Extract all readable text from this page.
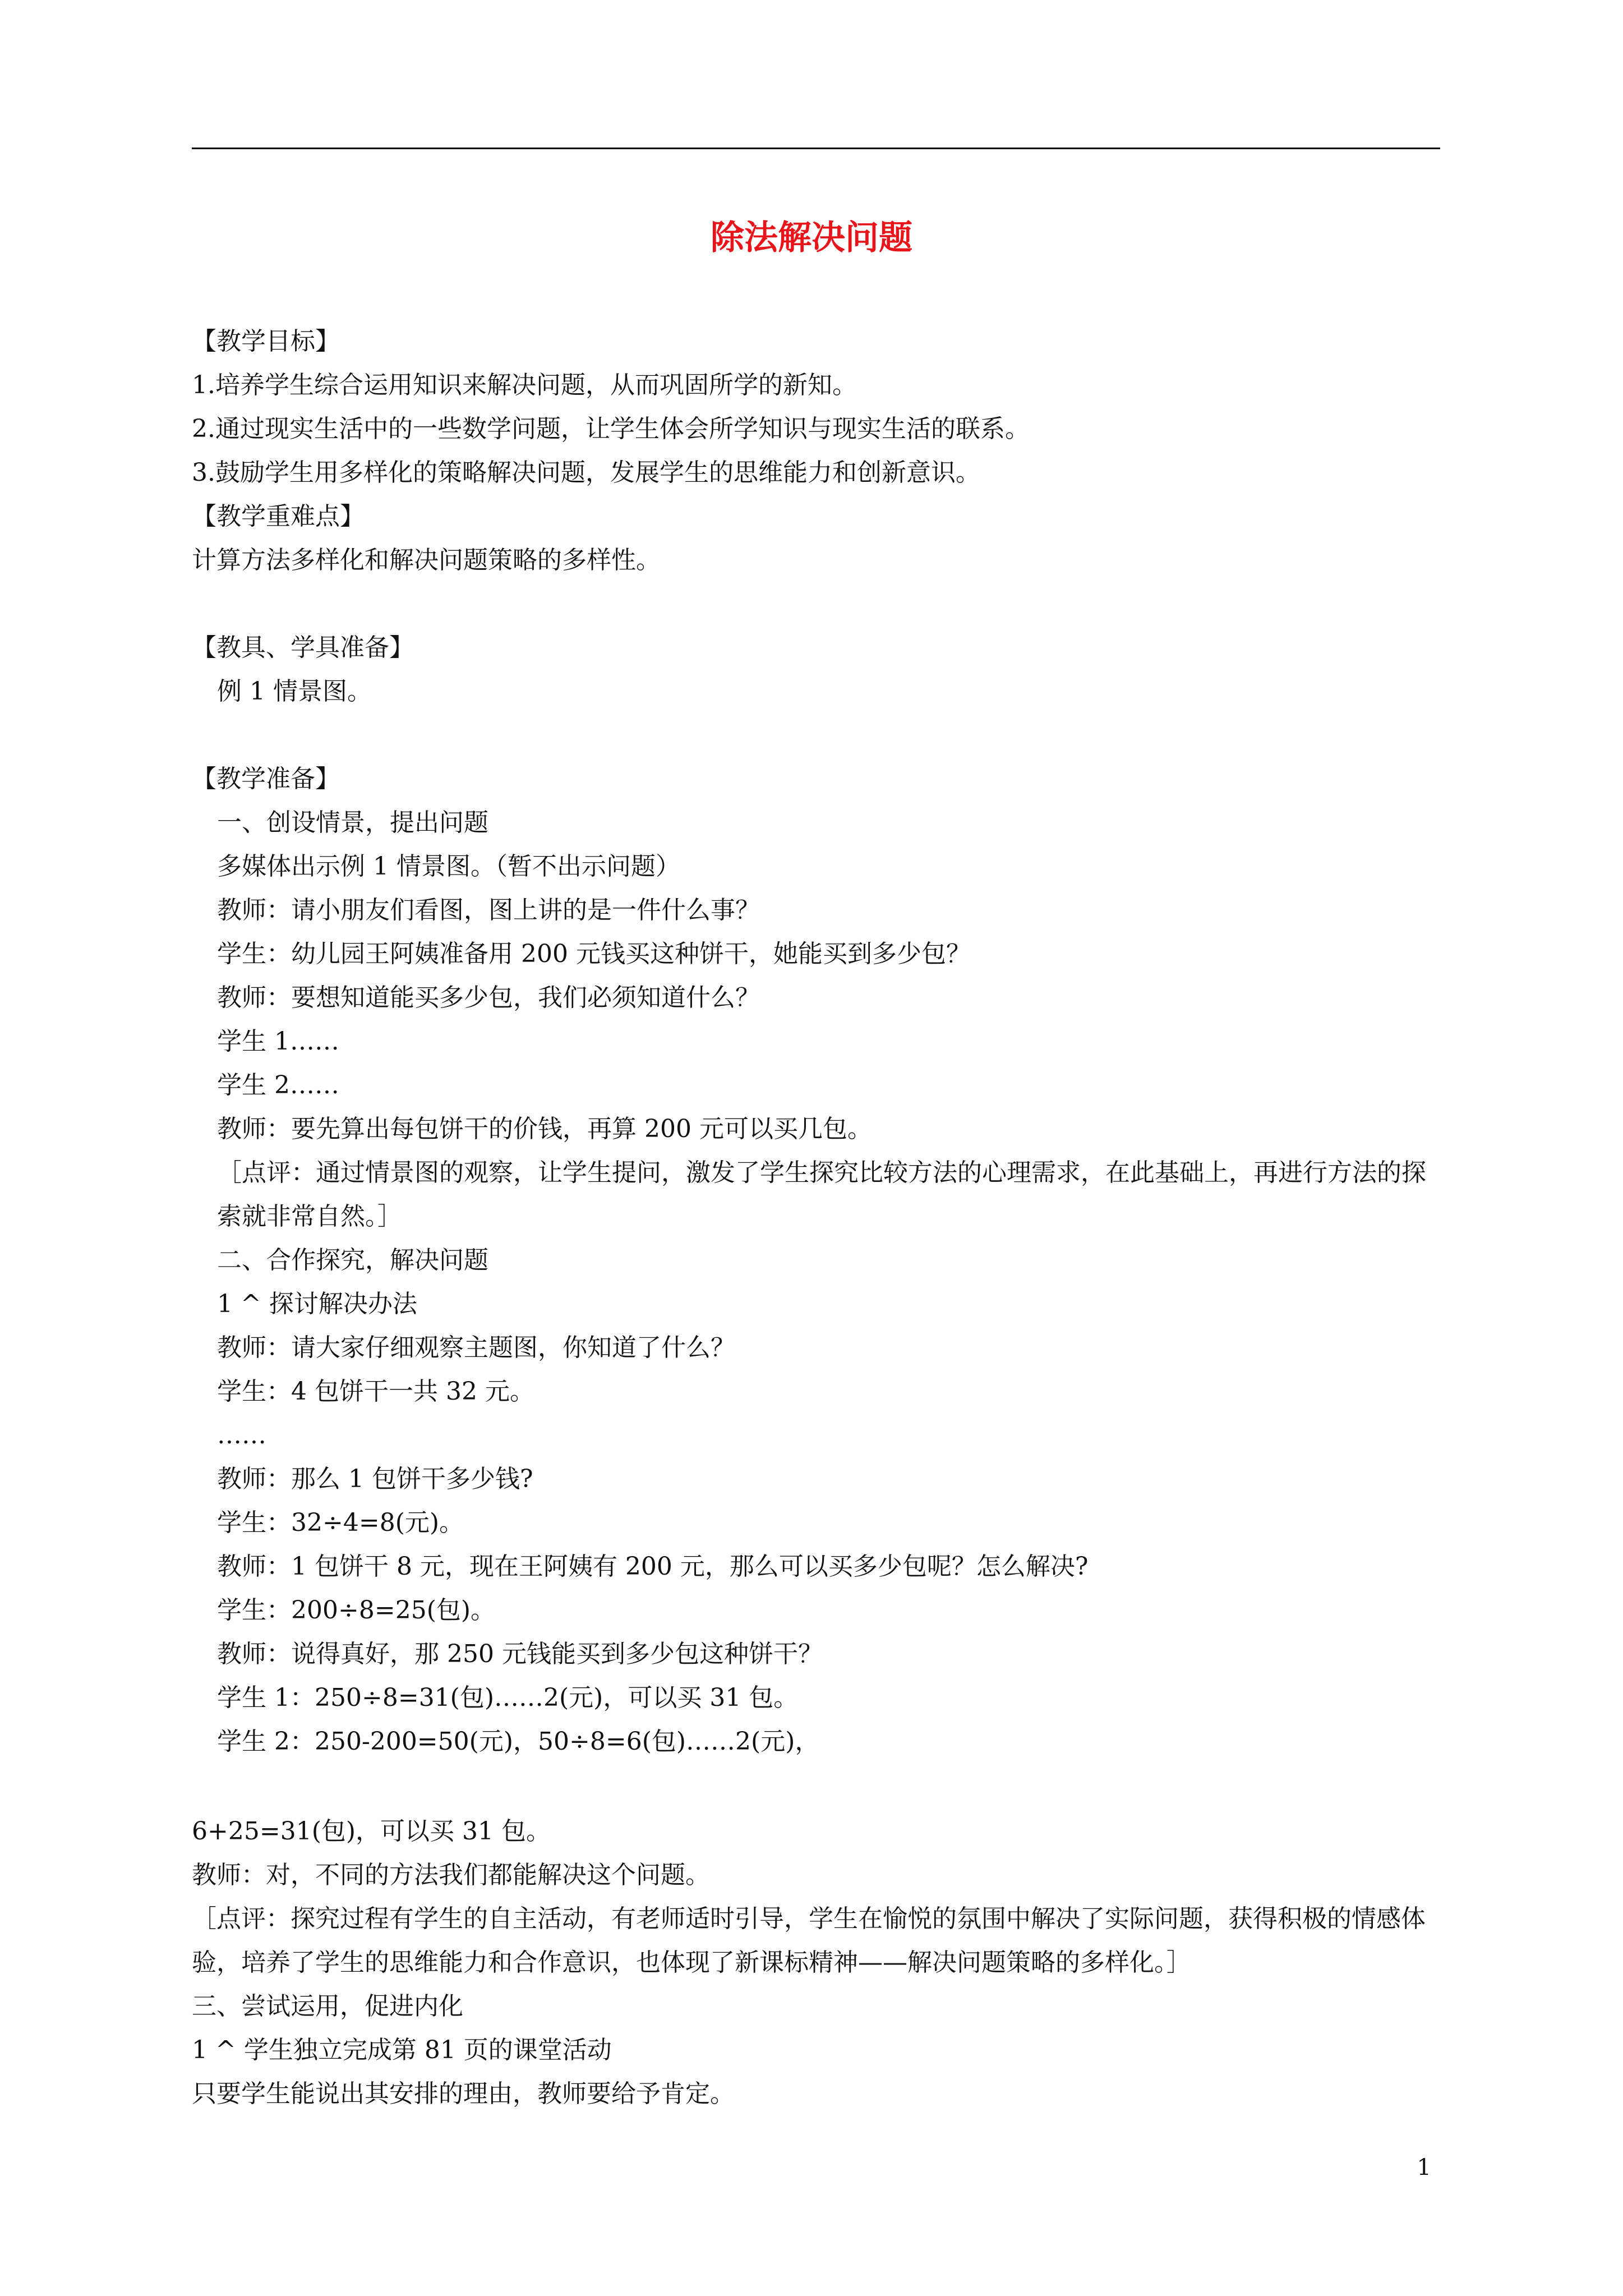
除法解决问题

【教学目标】

1.培养学生综合运用知识来解决问题，从而巩固所学的新知。

2.通过现实生活中的一些数学问题，让学生体会所学知识与现实生活的联系。

3.鼓励学生用多样化的策略解决问题，发展学生的思维能力和创新意识。

【教学重难点】

计算方法多样化和解决问题策略的多样性。

【教具、学具准备】

例 1 情景图。

【教学准备】

一、创设情景，提出问题

多媒体出示例 1 情景图。（暂不出示问题）

教师：请小朋友们看图，图上讲的是一件什么事？

学生：幼儿园王阿姨准备用 200 元钱买这种饼干，她能买到多少包？

教师：要想知道能买多少包，我们必须知道什么？

学生 1……

学生 2……

教师：要先算出每包饼干的价钱，再算 200 元可以买几包。

［点评：通过情景图的观察，让学生提问，激发了学生探究比较方法的心理需求，在此基础上，再进行方法的探索就非常自然。］

二、合作探究，解决问题

1 ^ 探讨解决办法

教师：请大家仔细观察主题图，你知道了什么？

学生：4 包饼干一共 32 元。

……

教师：那么 1 包饼干多少钱?

学生：32÷4=8(元)。

教师：1 包饼干 8 元，现在王阿姨有 200 元，那么可以买多少包呢？怎么解决?

学生：200÷8=25(包)。

教师：说得真好，那 250 元钱能买到多少包这种饼干？

学生 1：250÷8=31(包)……2(元)，可以买 31 包。

学生 2：250-200=50(元)，50÷8=6(包)……2(元)，

6+25=31(包)，可以买 31 包。

教师：对，不同的方法我们都能解决这个问题。

［点评：探究过程有学生的自主活动，有老师适时引导，学生在愉悦的氛围中解决了实际问题，获得积极的情感体验，培养了学生的思维能力和合作意识，也体现了新课标精神——解决问题策略的多样化。］

三、尝试运用，促进内化

1 ^ 学生独立完成第 81 页的课堂活动

只要学生能说出其安排的理由，教师要给予肯定。

1
